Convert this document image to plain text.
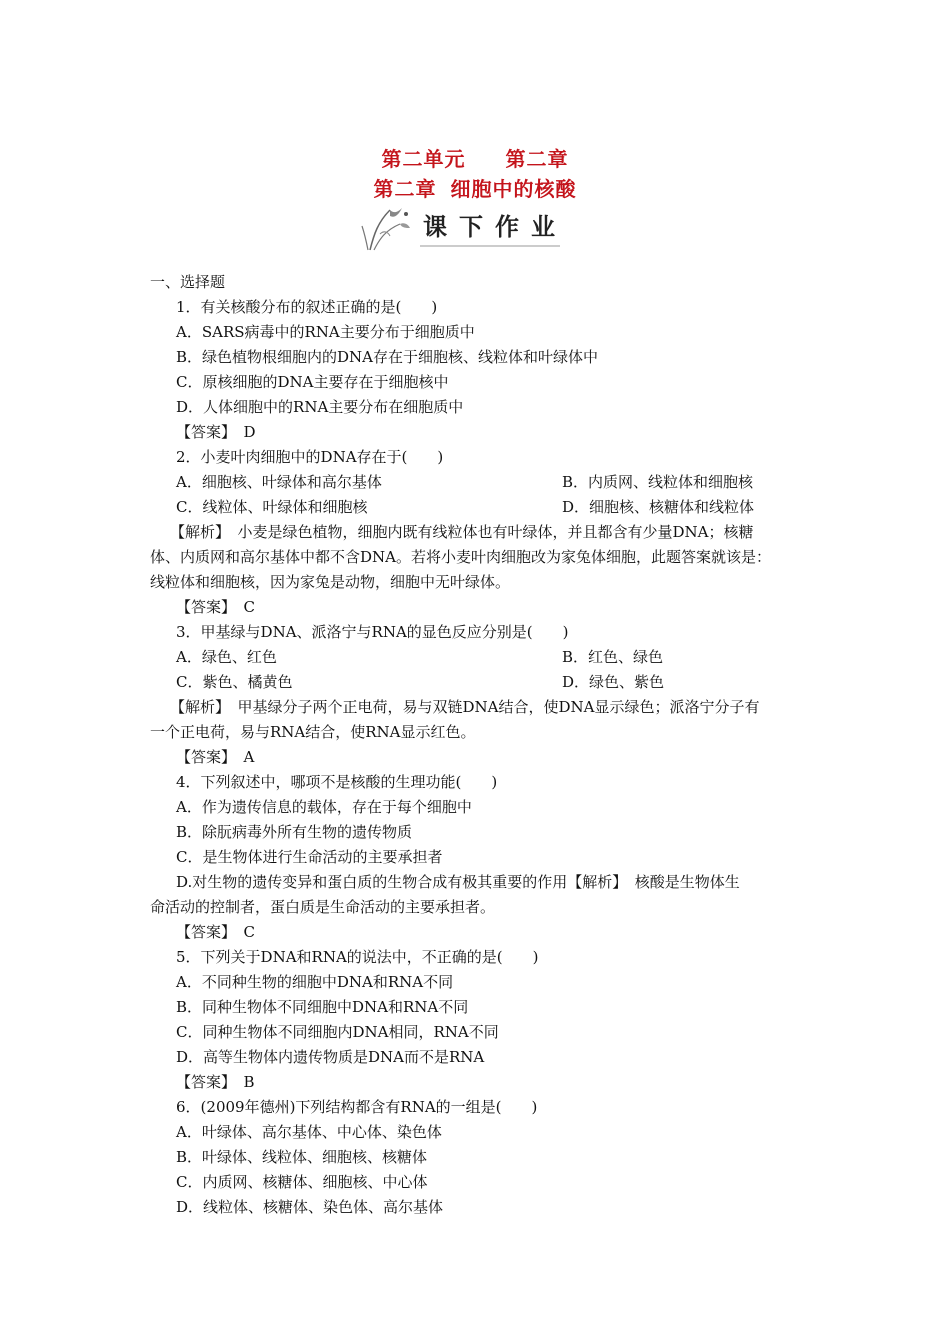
第二单元 第二章
第二章 细胞中的核酸
课 下 作 业
一、选择题
1．有关核酸分布的叙述正确的是(　　)
A．SARS病毒中的RNA主要分布于细胞质中
B．绿色植物根细胞内的DNA存在于细胞核、线粒体和叶绿体中
C．原核细胞的DNA主要存在于细胞核中
D．人体细胞中的RNA主要分布在细胞质中
【答案】　D
2．小麦叶肉细胞中的DNA存在于(　　)
A．细胞核、叶绿体和高尔基体	B．内质网、线粒体和细胞核
C．线粒体、叶绿体和细胞核	D．细胞核、核糖体和线粒体
【解析】　小麦是绿色植物，细胞内既有线粒体也有叶绿体，并且都含有少量DNA；核糖
体、内质网和高尔基体中都不含DNA。若将小麦叶肉细胞改为家兔体细胞，此题答案就该是：
线粒体和细胞核，因为家兔是动物，细胞中无叶绿体。
【答案】　C
3．甲基绿与DNA、派洛宁与RNA的显色反应分别是(　　)
A．绿色、红色	B．红色、绿色
C．紫色、橘黄色	D．绿色、紫色
【解析】　甲基绿分子两个正电荷，易与双链DNA结合，使DNA显示绿色；派洛宁分子有
一个正电荷，易与RNA结合，使RNA显示红色。
【答案】　A
4．下列叙述中，哪项不是核酸的生理功能(　　)
A．作为遗传信息的载体，存在于每个细胞中
B．除朊病毒外所有生物的遗传物质
C．是生物体进行生命活动的主要承担者
D.对生物的遗传变异和蛋白质的生物合成有极其重要的作用【解析】　核酸是生物体生
命活动的控制者，蛋白质是生命活动的主要承担者。
【答案】　C
5．下列关于DNA和RNA的说法中，不正确的是(　　)
A．不同种生物的细胞中DNA和RNA不同
B．同种生物体不同细胞中DNA和RNA不同
C．同种生物体不同细胞内DNA相同，RNA不同
D．高等生物体内遗传物质是DNA而不是RNA
【答案】　B
6．(2009年德州)下列结构都含有RNA的一组是(　　)
A．叶绿体、高尔基体、中心体、染色体
B．叶绿体、线粒体、细胞核、核糖体
C．内质网、核糖体、细胞核、中心体
D．线粒体、核糖体、染色体、高尔基体
